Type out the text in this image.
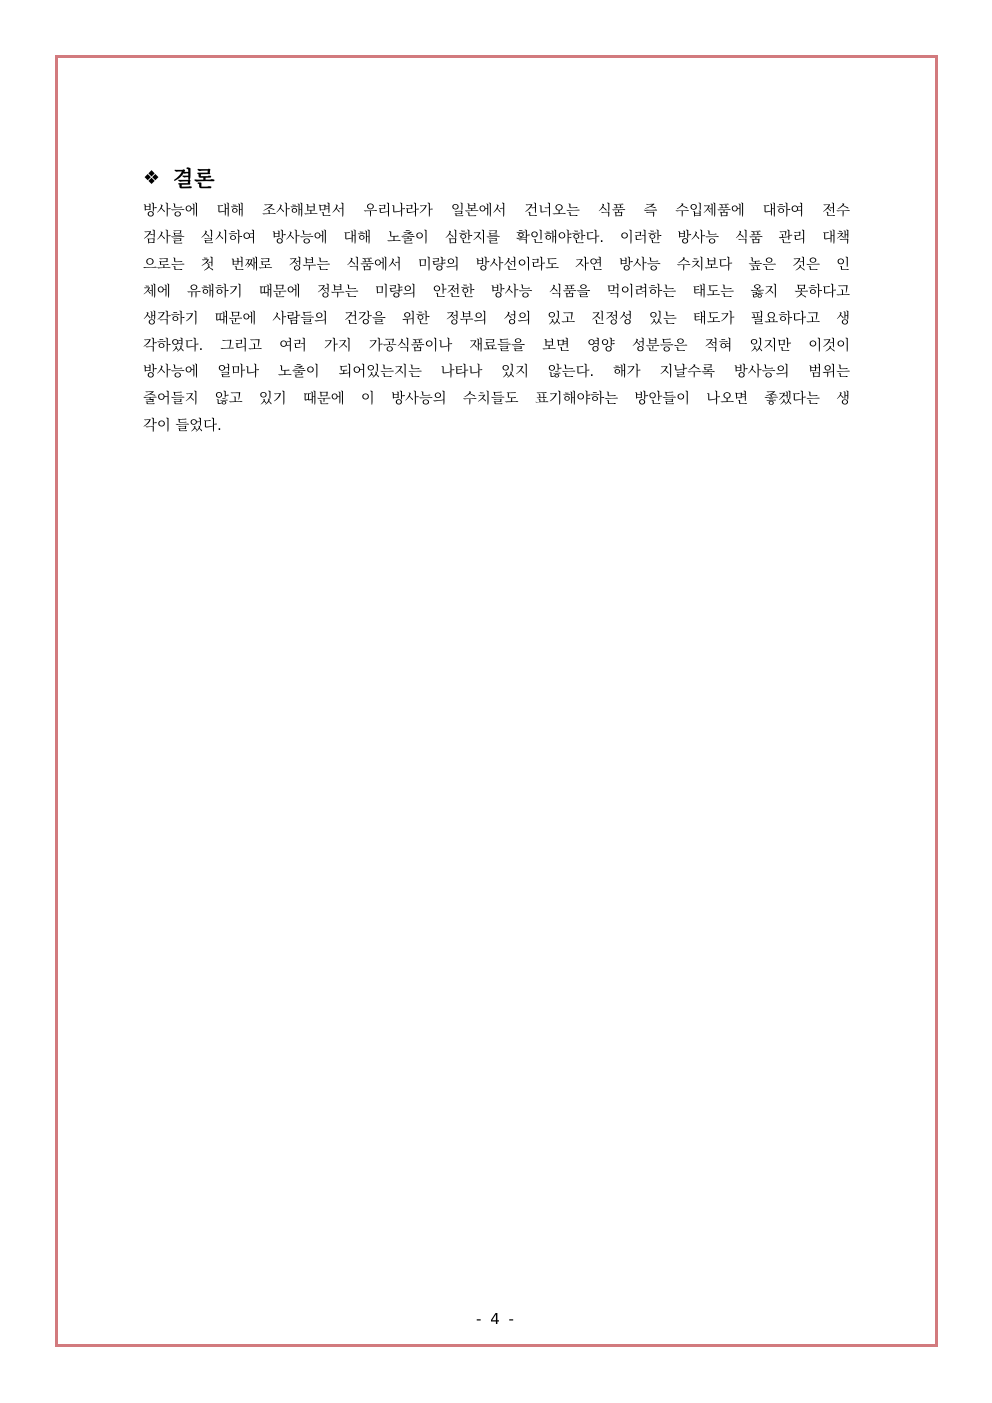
❖ 결론

방사능에 대해 조사해보면서 우리나라가 일본에서 건너오는 식품 즉 수입제품에 대하여 전수

검사를 실시하여 방사능에 대해 노출이 심한지를 확인해야한다. 이러한 방사능 식품 관리 대책

으로는 첫 번째로 정부는 식품에서 미량의 방사선이라도 자연 방사능 수치보다 높은 것은 인

체에 유해하기 때문에 정부는 미량의 안전한 방사능 식품을 먹이려하는 태도는 옳지 못하다고

생각하기 때문에 사람들의 건강을 위한 정부의 성의 있고 진정성 있는 태도가 필요하다고 생

각하였다. 그리고 여러 가지 가공식품이나 재료들을 보면 영양 성분등은 적혀 있지만 이것이

방사능에 얼마나 노출이 되어있는지는 나타나 있지 않는다. 해가 지날수록 방사능의 범위는

줄어들지 않고 있기 때문에 이 방사능의 수치들도 표기해야하는 방안들이 나오면 좋겠다는 생

각이 들었다.

- 4 -
